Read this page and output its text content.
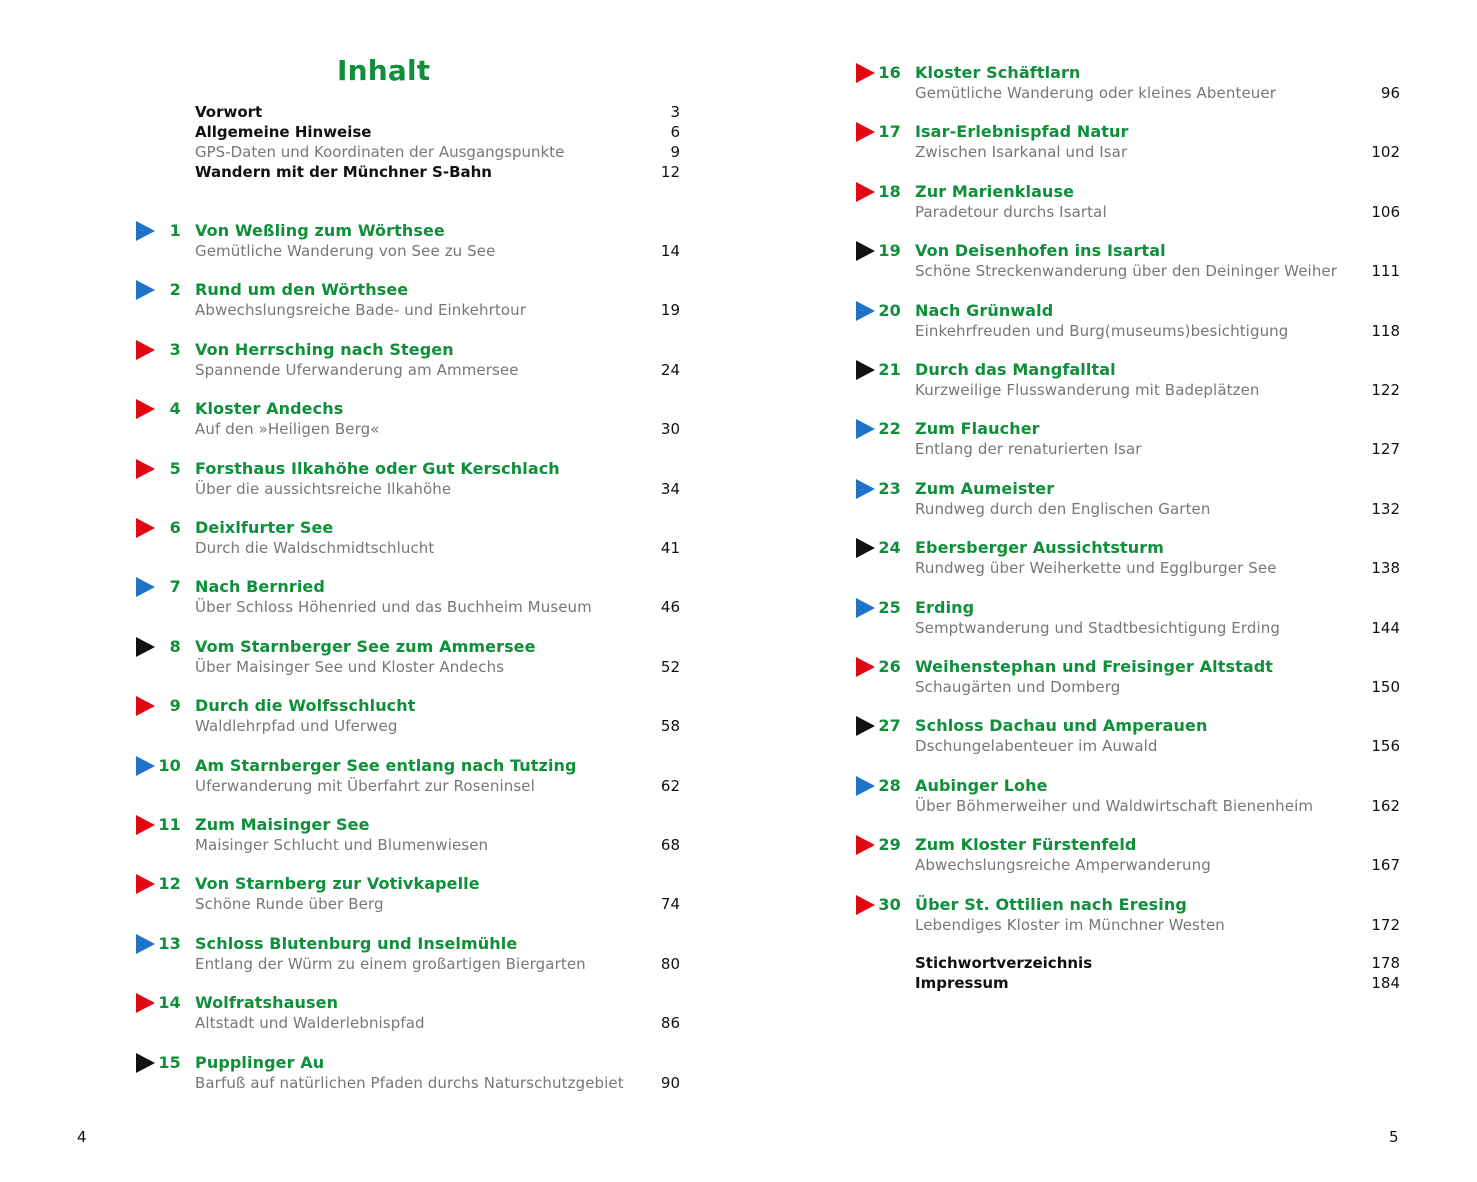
Inhalt
Vorwort	3
Allgemeine Hinweise	6
GPS-Daten und Koordinaten der Ausgangspunkte	9
Wandern mit der Münchner S-Bahn	12
1 Von Weßling zum Wörthsee
Gemütliche Wanderung von See zu See	14
2 Rund um den Wörthsee
Abwechslungsreiche Bade- und Einkehrtour	19
3 Von Herrsching nach Stegen
Spannende Uferwanderung am Ammersee	24
4 Kloster Andechs
Auf den »Heiligen Berg«	30
5 Forsthaus Ilkahöhe oder Gut Kerschlach
Über die aussichtsreiche Ilkahöhe	34
6 Deixlfurter See
Durch die Waldschmidtschlucht	41
7 Nach Bernried
Über Schloss Höhenried und das Buchheim Museum	46
8 Vom Starnberger See zum Ammersee
Über Maisinger See und Kloster Andechs	52
9 Durch die Wolfsschlucht
Waldlehrpfad und Uferweg	58
10 Am Starnberger See entlang nach Tutzing
Uferwanderung mit Überfahrt zur Roseninsel	62
11 Zum Maisinger See
Maisinger Schlucht und Blumenwiesen	68
12 Von Starnberg zur Votivkapelle
Schöne Runde über Berg	74
13 Schloss Blutenburg und Inselmühle
Entlang der Würm zu einem großartigen Biergarten	80
14 Wolfratshausen
Altstadt und Walderlebnispfad	86
15 Pupplinger Au
Barfuß auf natürlichen Pfaden durchs Naturschutzgebiet	90
4
16 Kloster Schäftlarn
Gemütliche Wanderung oder kleines Abenteuer	96
17 Isar-Erlebnispfad Natur
Zwischen Isarkanal und Isar	102
18 Zur Marienklause
Paradetour durchs Isartal	106
19 Von Deisenhofen ins Isartal
Schöne Streckenwanderung über den Deininger Weiher	111
20 Nach Grünwald
Einkehrfreuden und Burg(museums)besichtigung	118
21 Durch das Mangfalltal
Kurzweilige Flusswanderung mit Badeplätzen	122
22 Zum Flaucher
Entlang der renaturierten Isar	127
23 Zum Aumeister
Rundweg durch den Englischen Garten	132
24 Ebersberger Aussichtsturm
Rundweg über Weiherkette und Egglburger See	138
25 Erding
Semptwanderung und Stadtbesichtigung Erding	144
26 Weihenstephan und Freisinger Altstadt
Schaugärten und Domberg	150
27 Schloss Dachau und Amperauen
Dschungelabenteuer im Auwald	156
28 Aubinger Lohe
Über Böhmerweiher und Waldwirtschaft Bienenheim	162
29 Zum Kloster Fürstenfeld
Abwechslungsreiche Amperwanderung	167
30 Über St. Ottilien nach Eresing
Lebendiges Kloster im Münchner Westen	172
Stichwortverzeichnis	178
Impressum	184
5
